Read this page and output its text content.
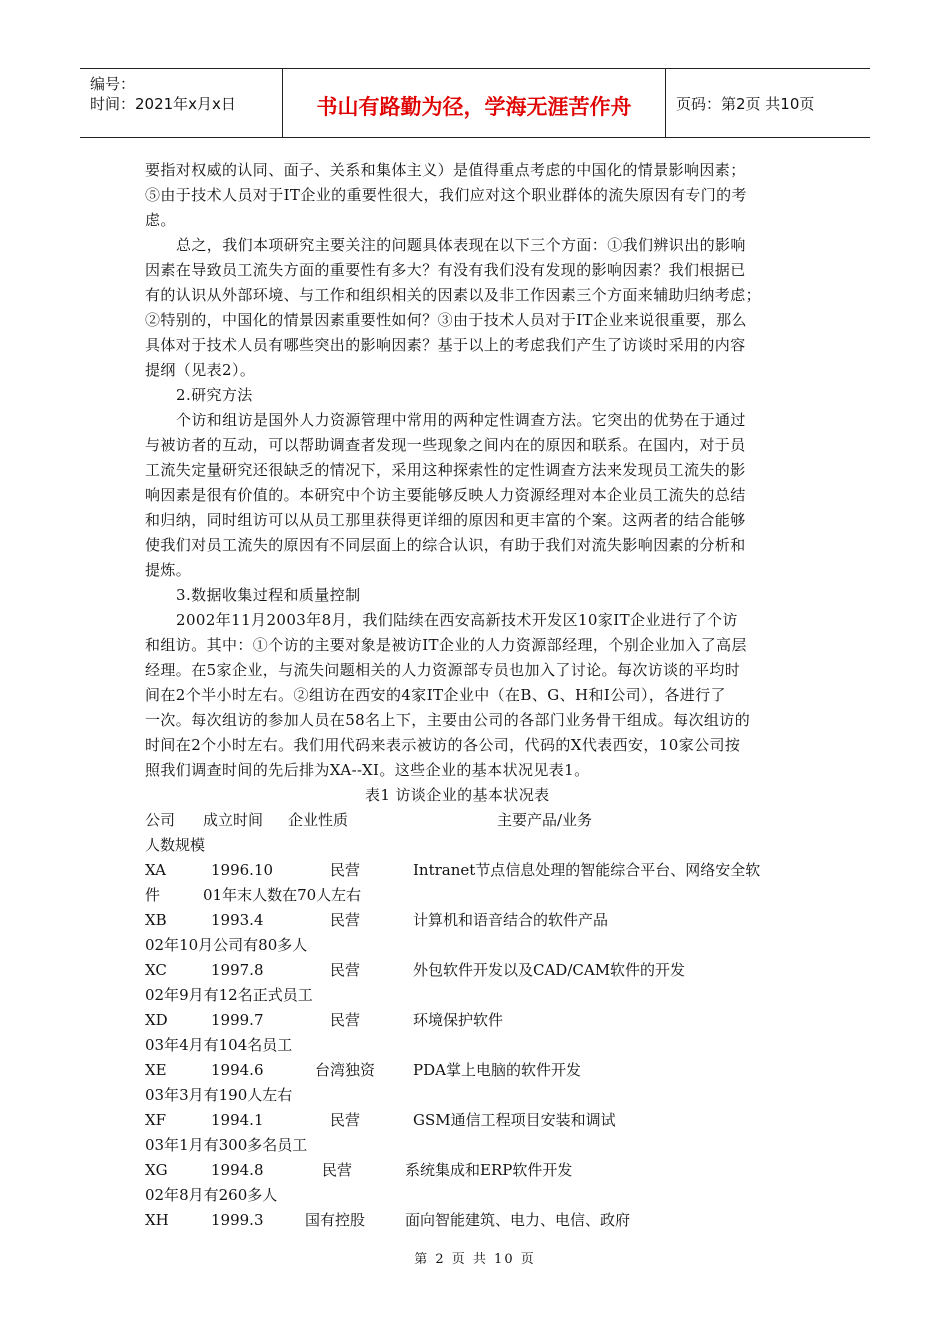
编号：
时间：2021年x月x日	书山有路勤为径，学海无涯苦作舟	页码：第2页 共10页
要指对权威的认同、面子、关系和集体主义）是值得重点考虑的中国化的情景影响因素；
⑤由于技术人员对于IT企业的重要性很大，我们应对这个职业群体的流失原因有专门的考
虑。
总之，我们本项研究主要关注的问题具体表现在以下三个方面：①我们辨识出的影响
因素在导致员工流失方面的重要性有多大？有没有我们没有发现的影响因素？我们根据已
有的认识从外部环境、与工作和组织相关的因素以及非工作因素三个方面来辅助归纳考虑；
②特别的，中国化的情景因素重要性如何？③由于技术人员对于IT企业来说很重要，那么
具体对于技术人员有哪些突出的影响因素？基于以上的考虑我们产生了访谈时采用的内容
提纲（见表2）。
2.研究方法
个访和组访是国外人力资源管理中常用的两种定性调查方法。它突出的优势在于通过
与被访者的互动，可以帮助调查者发现一些现象之间内在的原因和联系。在国内，对于员
工流失定量研究还很缺乏的情况下，采用这种探索性的定性调查方法来发现员工流失的影
响因素是很有价值的。本研究中个访主要能够反映人力资源经理对本企业员工流失的总结
和归纳，同时组访可以从员工那里获得更详细的原因和更丰富的个案。这两者的结合能够
使我们对员工流失的原因有不同层面上的综合认识，有助于我们对流失影响因素的分析和
提炼。
3.数据收集过程和质量控制
2002年11月2003年8月，我们陆续在西安高新技术开发区10家IT企业进行了个访
和组访。其中：①个访的主要对象是被访IT企业的人力资源部经理，个别企业加入了高层
经理。在5家企业，与流失问题相关的人力资源部专员也加入了讨论。每次访谈的平均时
间在2个半小时左右。②组访在西安的4家IT企业中（在B、G、H和I公司），各进行了
一次。每次组访的参加人员在58名上下，主要由公司的各部门业务骨干组成。每次组访的
时间在2个小时左右。我们用代码来表示被访的各公司，代码的X代表西安，10家公司按
照我们调查时间的先后排为XA--XI。这些企业的基本状况见表1。
表1 访谈企业的基本状况表
公司 成立时间 企业性质	主要产品/业务
人数规模
XA	1996.10	民营	Intranet节点信息处理的智能综合平台、网络安全软
件	01年末人数在70人左右
XB	1993.4	民营	计算机和语音结合的软件产品
02年10月公司有80多人
XC	1997.8	民营	外包软件开发以及CAD/CAM软件的开发
02年9月有12名正式员工
XD	1999.7	民营	环境保护软件
03年4月有104名员工
XE	1994.6	台湾独资	PDA掌上电脑的软件开发
03年3月有190人左右
XF	1994.1	民营	GSM通信工程项目安装和调试
03年1月有300多名员工
XG	1994.8	民营	系统集成和ERP软件开发
02年8月有260多人
XH	1999.3	国有控股	面向智能建筑、电力、电信、政府
第 2 页 共 10 页
